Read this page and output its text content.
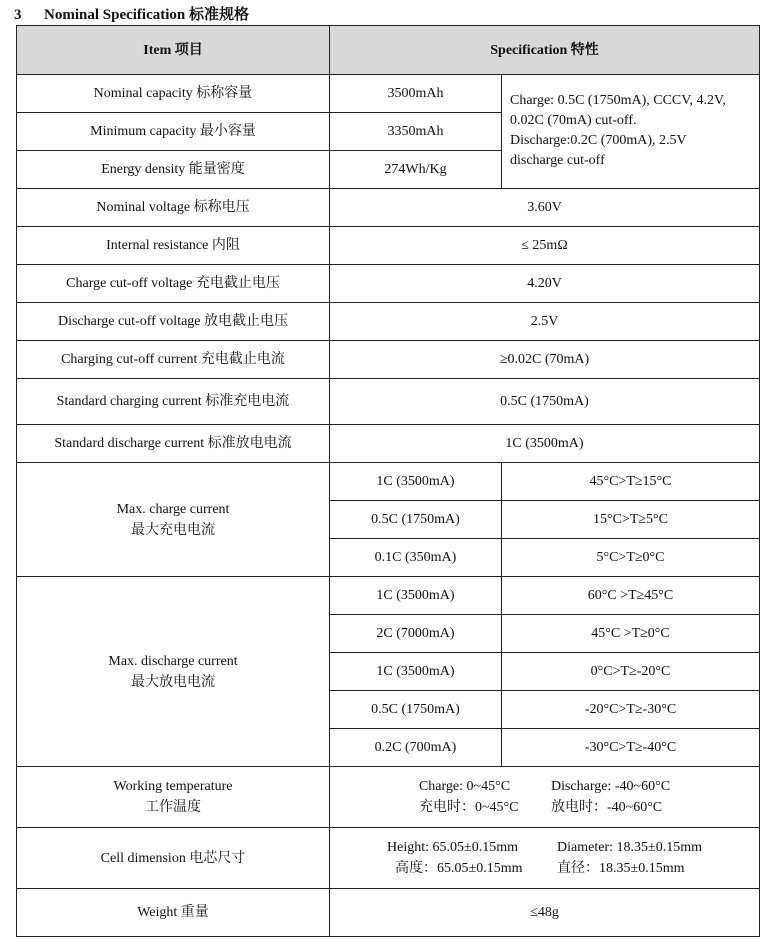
3 Nominal Specification 标准规格
Item 项目	Specification 特性	
Nominal capacity 标称容量	3500mAh	Charge: 0.5C (1750mA), CCCV, 4.2V,
0.02C (70mA) cut-off.
Discharge:0.2C (700mA), 2.5V
discharge cut-off

Minimum capacity 最小容量	3350mAh	
Energy density 能量密度	274Wh/Kg	
Nominal voltage 标称电压	3.60V	
Internal resistance 内阻	≤ 25mΩ	
Charge cut-off voltage 充电截止电压	4.20V	
Discharge cut-off voltage 放电截止电压	2.5V	
Charging cut-off current 充电截止电流	≥0.02C (70mA)	
Standard charging current 标准充电电流	0.5C (1750mA)	
Standard discharge current 标准放电电流	1C (3500mA)	

Max. charge current
最大充电电流	1C (3500mA)	45°C>T≥15°C
	0.5C (1750mA)	15°C>T≥5°C
	0.1C (350mA)	5°C>T≥0°C

Max. discharge current
最大放电电流	1C (3500mA)	60°C >T≥45°C
	2C (7000mA)	45°C >T≥0°C
	1C (3500mA)	0°C>T≥-20°C
	0.5C (1750mA)	-20°C>T≥-30°C
	0.2C (700mA)	-30°C>T≥-40°C

Working temperature
工作温度	Charge: 0~45°C Discharge: -40~60°C
充电时：0~45°C 放电时：-40~60°C	
Cell dimension 电芯尺寸	Height: 65.05±0.15mm Diameter: 18.35±0.15mm
高度：65.05±0.15mm 直径：18.35±0.15mm	
Weight 重量	≤48g	
